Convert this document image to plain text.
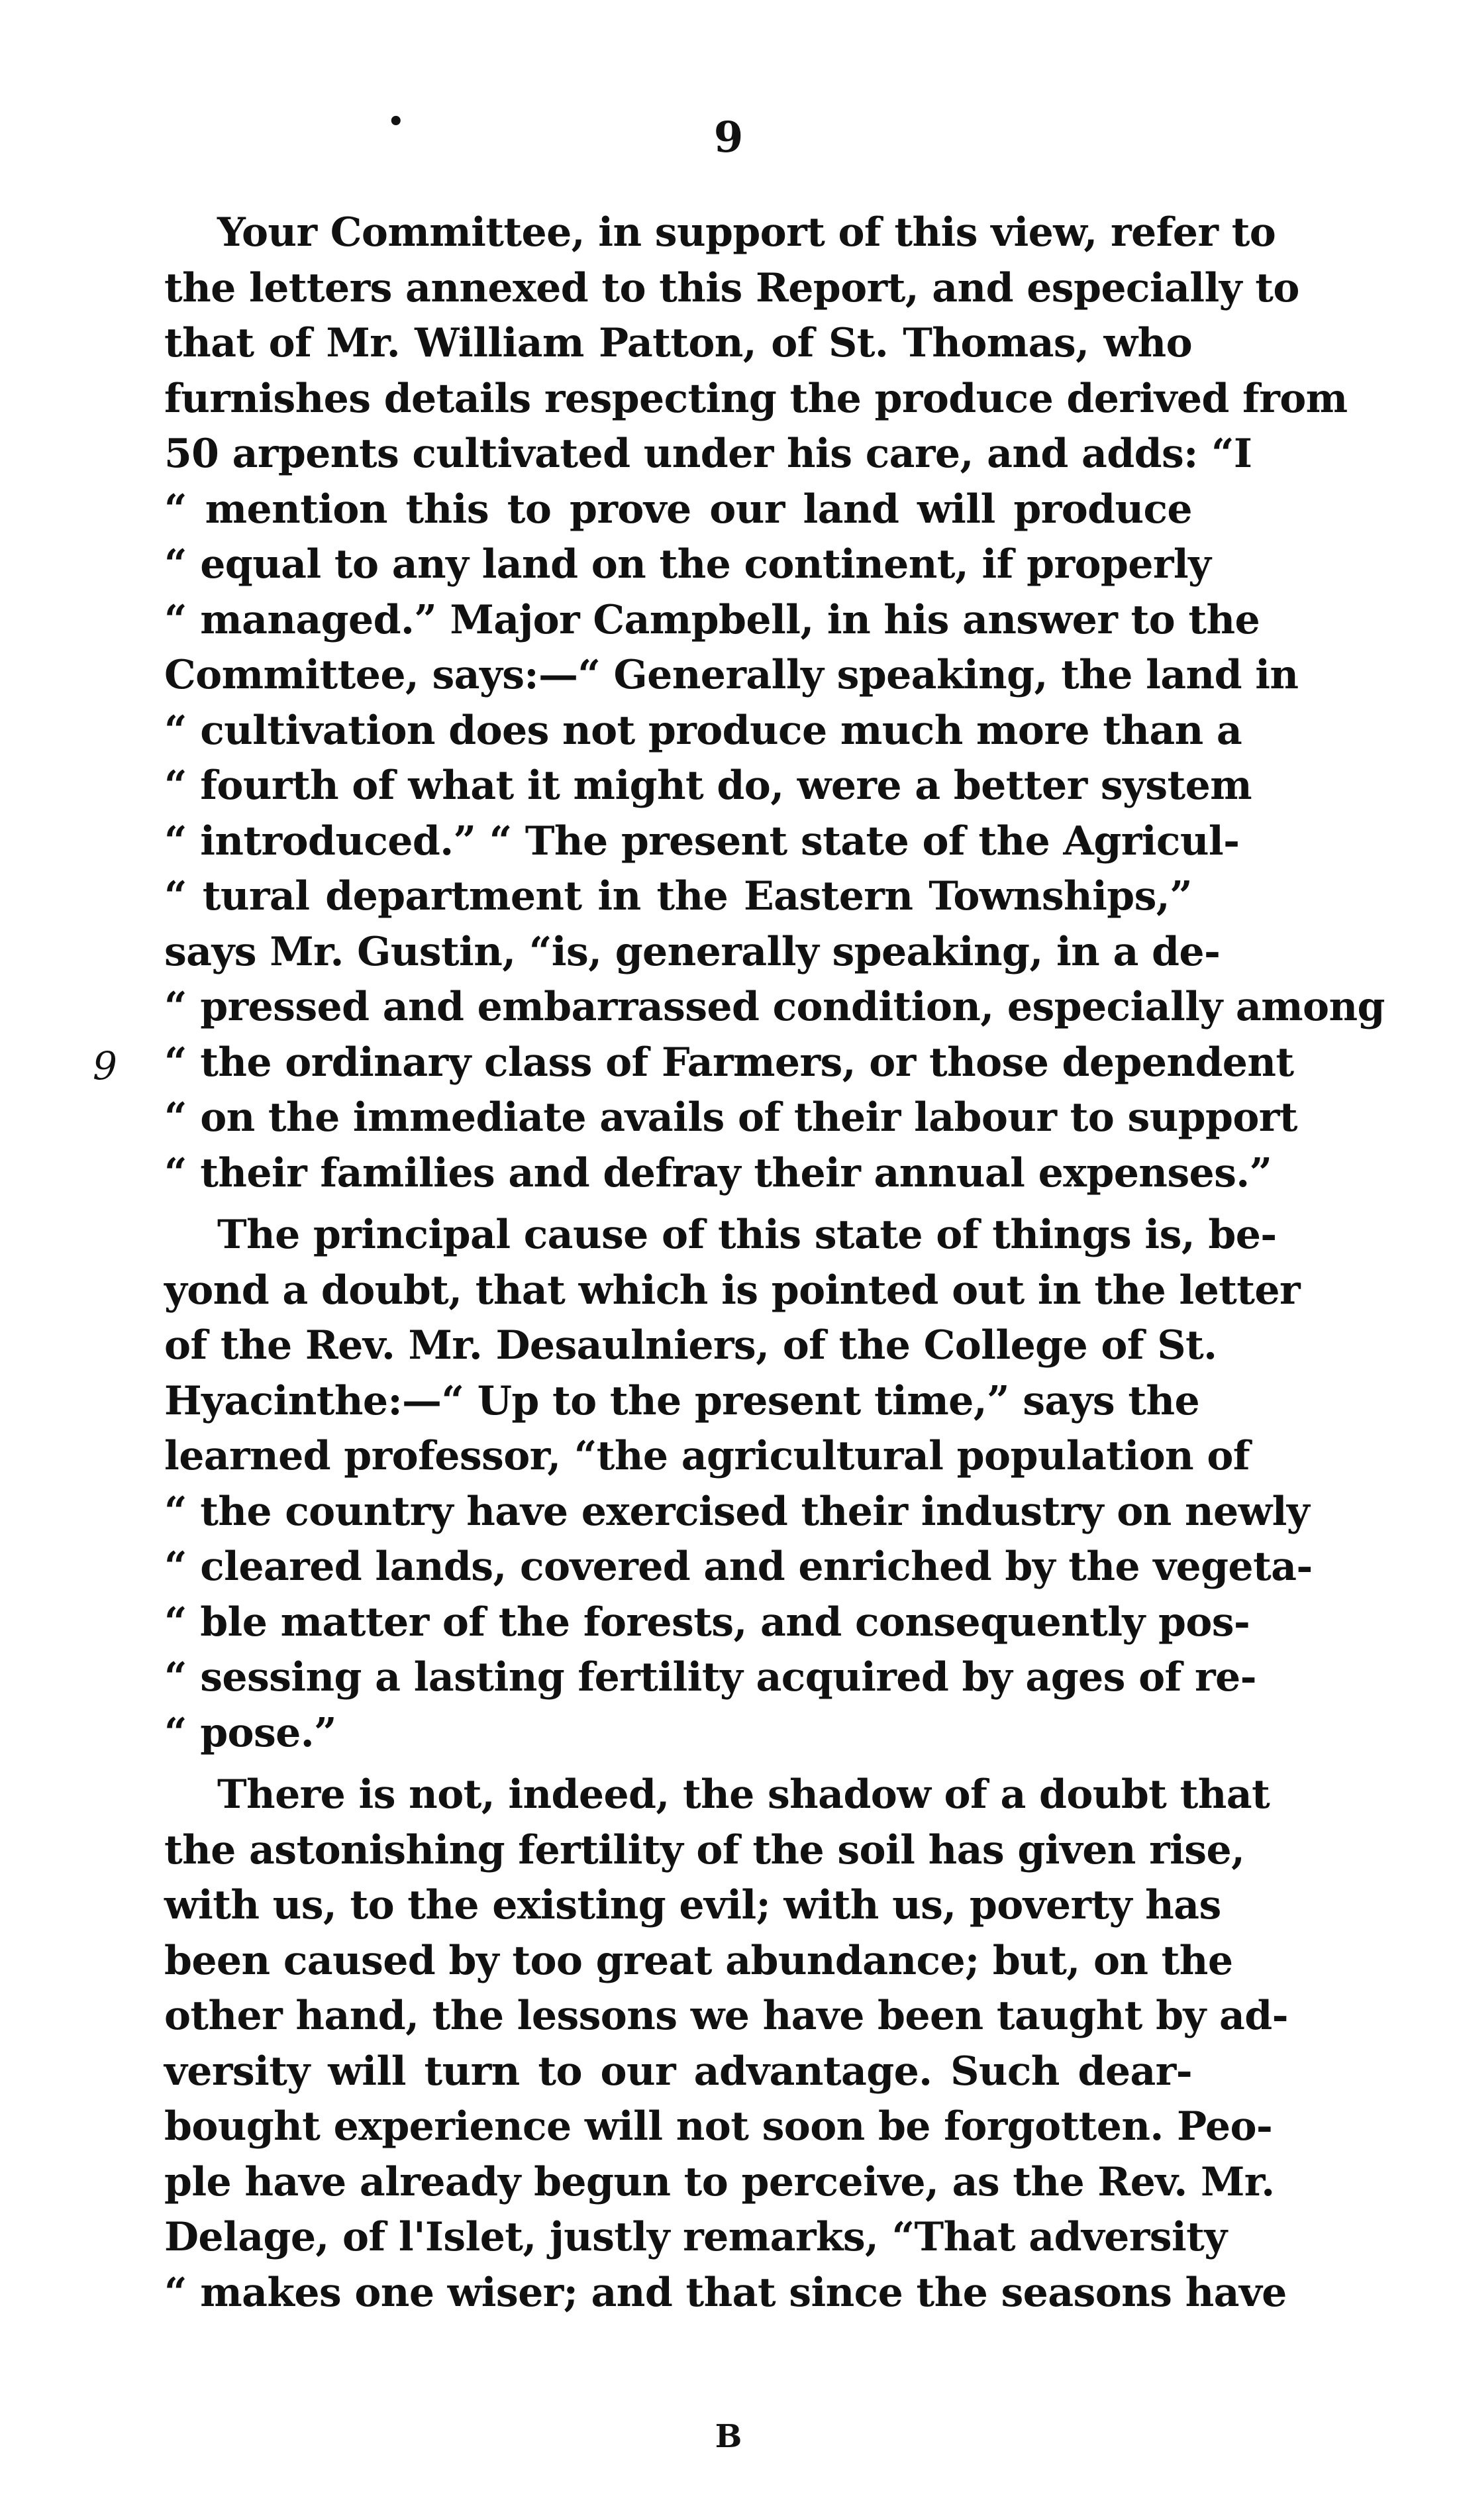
9
•
9
Your Committee, in support of this view, refer to
the letters annexed to this Report, and especially to
that of Mr. William Patton, of St. Thomas, who
furnishes details respecting the produce derived from
50 arpents cultivated under his care, and adds: “I
“ mention this to prove our land will produce
“ equal to any land on the continent, if properly
“ managed.” Major Campbell, in his answer to the
Committee, says:—“ Generally speaking, the land in
“ cultivation does not produce much more than a
“ fourth of what it might do, were a better system
“ introduced.” “ The present state of the Agricul-
“ tural department in the Eastern Townships,”
says Mr. Gustin, “is, generally speaking, in a de-
“ pressed and embarrassed condition, especially among
“ the ordinary class of Farmers, or those dependent
“ on the immediate avails of their labour to support
“ their families and defray their annual expenses.”
The principal cause of this state of things is, be-
yond a doubt, that which is pointed out in the letter
of the Rev. Mr. Desaulniers, of the College of St.
Hyacinthe:—“ Up to the present time,” says the
learned professor, “the agricultural population of
“ the country have exercised their industry on newly
“ cleared lands, covered and enriched by the vegeta-
“ ble matter of the forests, and consequently pos-
“ sessing a lasting fertility acquired by ages of re-
“ pose.”
There is not, indeed, the shadow of a doubt that
the astonishing fertility of the soil has given rise,
with us, to the existing evil; with us, poverty has
been caused by too great abundance; but, on the
other hand, the lessons we have been taught by ad-
versity will turn to our advantage. Such dear-
bought experience will not soon be forgotten. Peo-
ple have already begun to perceive, as the Rev. Mr.
Delage, of l'Islet, justly remarks, “That adversity
“ makes one wiser; and that since the seasons have
B
